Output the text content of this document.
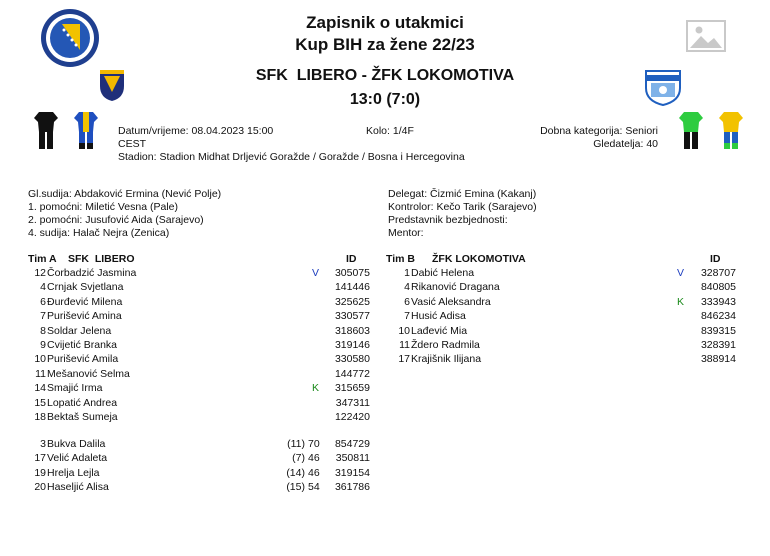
Zapisnik o utakmici
Kup BIH za žene 22/23
SFK  LIBERO - ŽFK LOKOMOTIVA
13:0 (7:0)
Datum/vrijeme: 08.04.2023 15:00
CEST
Stadion: Stadion Midhat Drljević Goražde / Goražde / Bosna i Hercegovina
Kolo: 1/4F	Dobna kategorija: Seniori
Gledatelja: 40
Gl.sudija: Abdaković Ermina (Nević Polje)
1. pomoćni: Miletić Vesna (Pale)
2. pomoćni: Jusufović Aida (Sarajevo)
4. sudija: Halač Nejra (Zenica)
Delegat: Čizmić Emina (Kakanj)
Kontrolor: Kečo Tarik (Sarajevo)
Predstavnik bezbjednosti:
Mentor:
Tim A SFK  LIBERO	ID	Tim B ŽFK LOKOMOTIVA	ID
12 Čorbadzić Jasmina	V	305075
4 Crnjak Svjetlana	141446
6 Đurđević Milena	325625
7 Purišević Amina	330577
8 Soldar Jelena	318603
9 Cvijetić Branka	319146
10 Purišević Amila	330580
11 Mešanović Selma	144772
14 Smajić Irma	K	315659
15 Lopatić Andrea	347311
18 Bektaš Sumeja	122420
3 Bukva Dalila	(11) 70	854729
17 Velić Adaleta	(7) 46	350811
19 Hrelja Lejla	(14) 46	319154
20 Haseljić Alisa	(15) 54	361786
1 Dabić Helena	V	328707
4 Rikanović Dragana	840805
6 Vasić Aleksandra	K	333943
7 Husić Adisa	846234
10 Lađević Mia	839315
11 Ždero Radmila	328391
17 Krajišnik Ilijana	388914
